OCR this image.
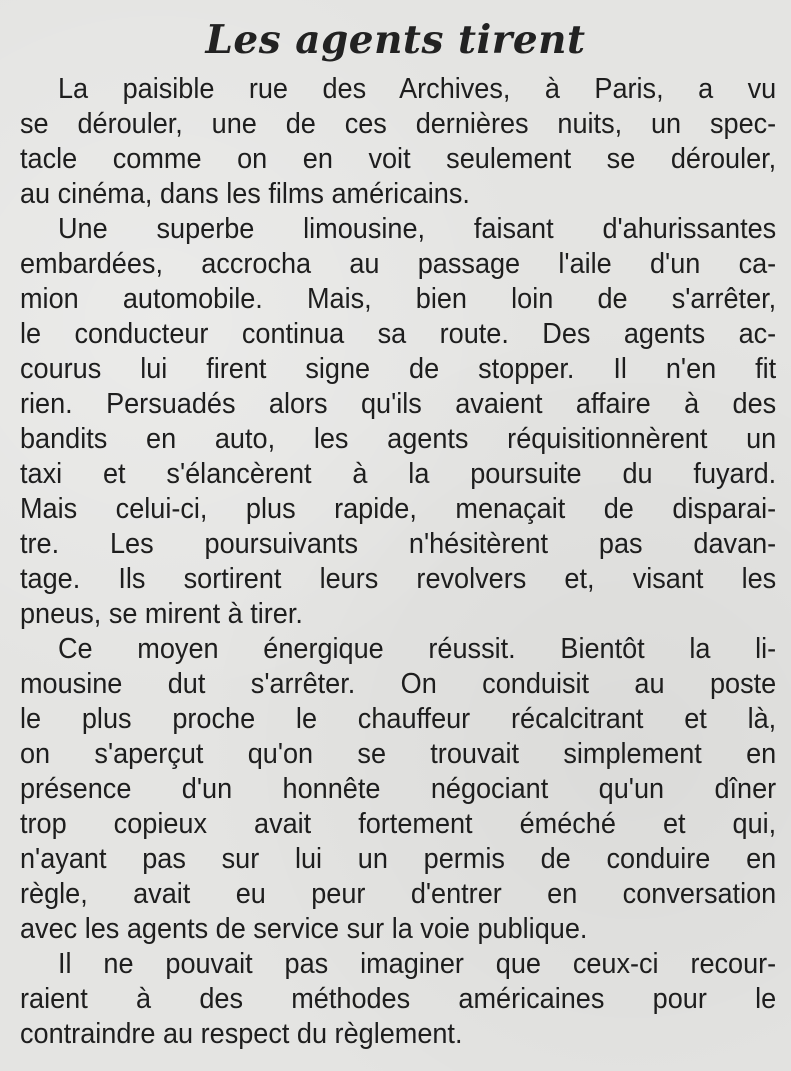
Les agents tirent
La paisible rue des Archives, à Paris, a vu
se dérouler, une de ces dernières nuits, un spec-
tacle comme on en voit seulement se dérouler,
au cinéma, dans les films américains.
Une superbe limousine, faisant d'ahurissantes
embardées, accrocha au passage l'aile d'un ca-
mion automobile. Mais, bien loin de s'arrêter,
le conducteur continua sa route. Des agents ac-
courus lui firent signe de stopper. Il n'en fit
rien. Persuadés alors qu'ils avaient affaire à des
bandits en auto, les agents réquisitionnèrent un
taxi et s'élancèrent à la poursuite du fuyard.
Mais celui-ci, plus rapide, menaçait de disparai-
tre. Les poursuivants n'hésitèrent pas davan-
tage. Ils sortirent leurs revolvers et, visant les
pneus, se mirent à tirer.
Ce moyen énergique réussit. Bientôt la li-
mousine dut s'arrêter. On conduisit au poste
le plus proche le chauffeur récalcitrant et là,
on s'aperçut qu'on se trouvait simplement en
présence d'un honnête négociant qu'un dîner
trop copieux avait fortement éméché et qui,
n'ayant pas sur lui un permis de conduire en
règle, avait eu peur d'entrer en conversation
avec les agents de service sur la voie publique.
Il ne pouvait pas imaginer que ceux-ci recour-
raient à des méthodes américaines pour le
contraindre au respect du règlement.
